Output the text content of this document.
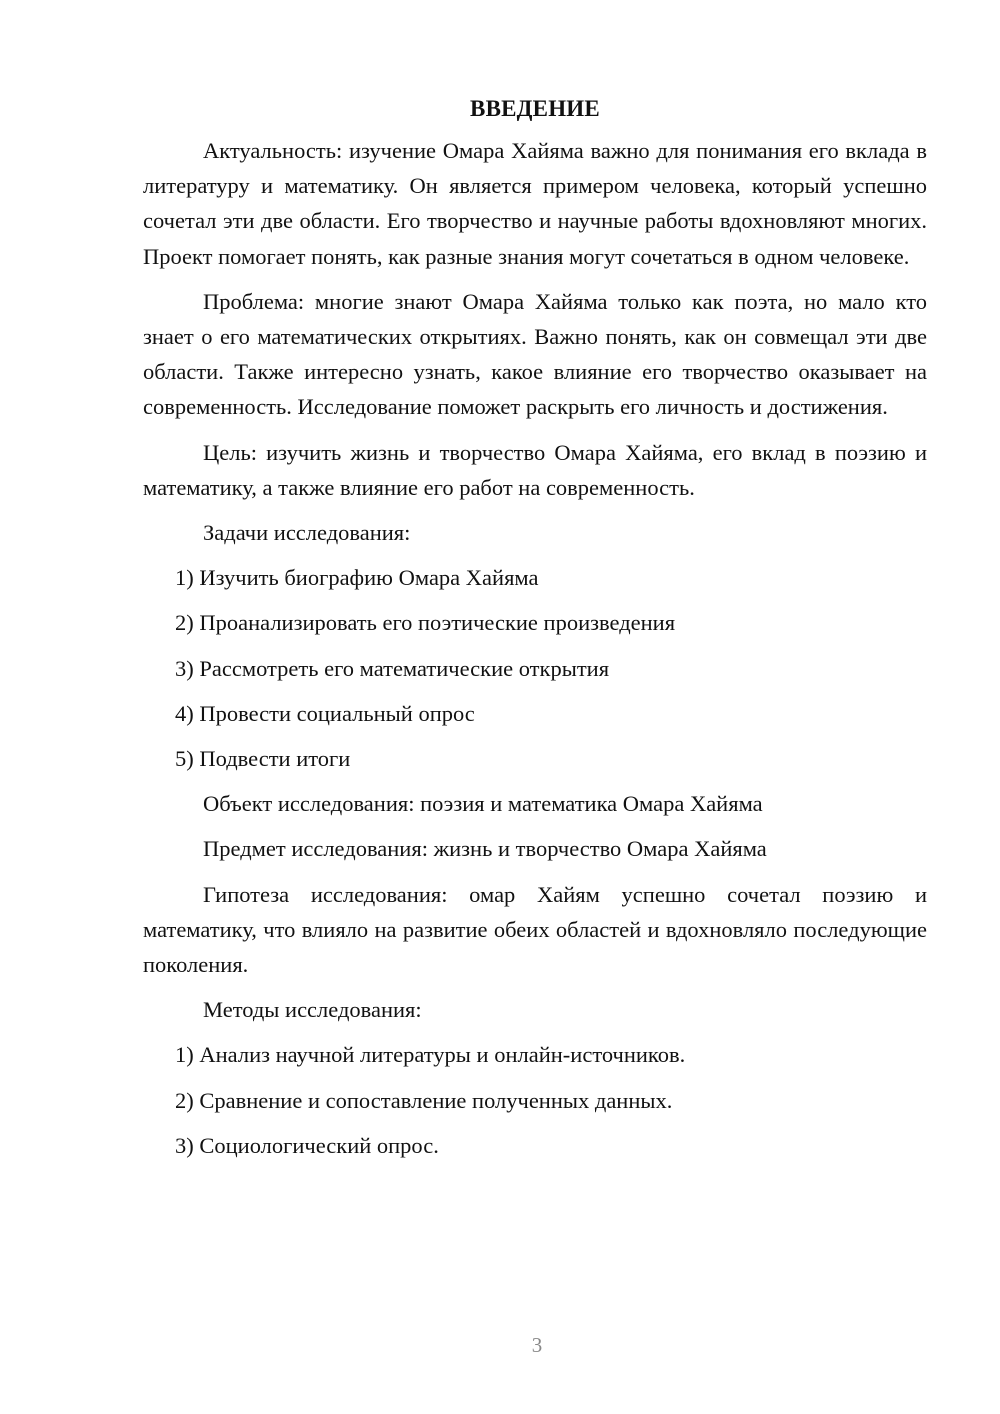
ВВЕДЕНИЕ

Актуальность: изучение Омара Хайяма важно для понимания его вклада в литературу и математику. Он является примером человека, который успешно сочетал эти две области. Его творчество и научные работы вдохновляют многих. Проект помогает понять, как разные знания могут сочетаться в одном человеке.

Проблема: многие знают Омара Хайяма только как поэта, но мало кто знает о его математических открытиях. Важно понять, как он совмещал эти две области. Также интересно узнать, какое влияние его творчество оказывает на современность. Исследование поможет раскрыть его личность и достижения.

Цель: изучить жизнь и творчество Омара Хайяма, его вклад в поэзию и математику, а также влияние его работ на современность.

Задачи исследования:
1) Изучить биографию Омара Хайяма
2) Проанализировать его поэтические произведения
3) Рассмотреть его математические открытия
4) Провести социальный опрос
5) Подвести итоги
Объект исследования: поэзия и математика Омара Хайяма
Предмет исследования: жизнь и творчество Омара Хайяма

Гипотеза исследования: омар Хайям успешно сочетал поэзию и математику, что влияло на развитие обеих областей и вдохновляло последующие поколения.

Методы исследования:
1) Анализ научной литературы и онлайн-источников.
2) Сравнение и сопоставление полученных данных.
3) Социологический опрос.
3
